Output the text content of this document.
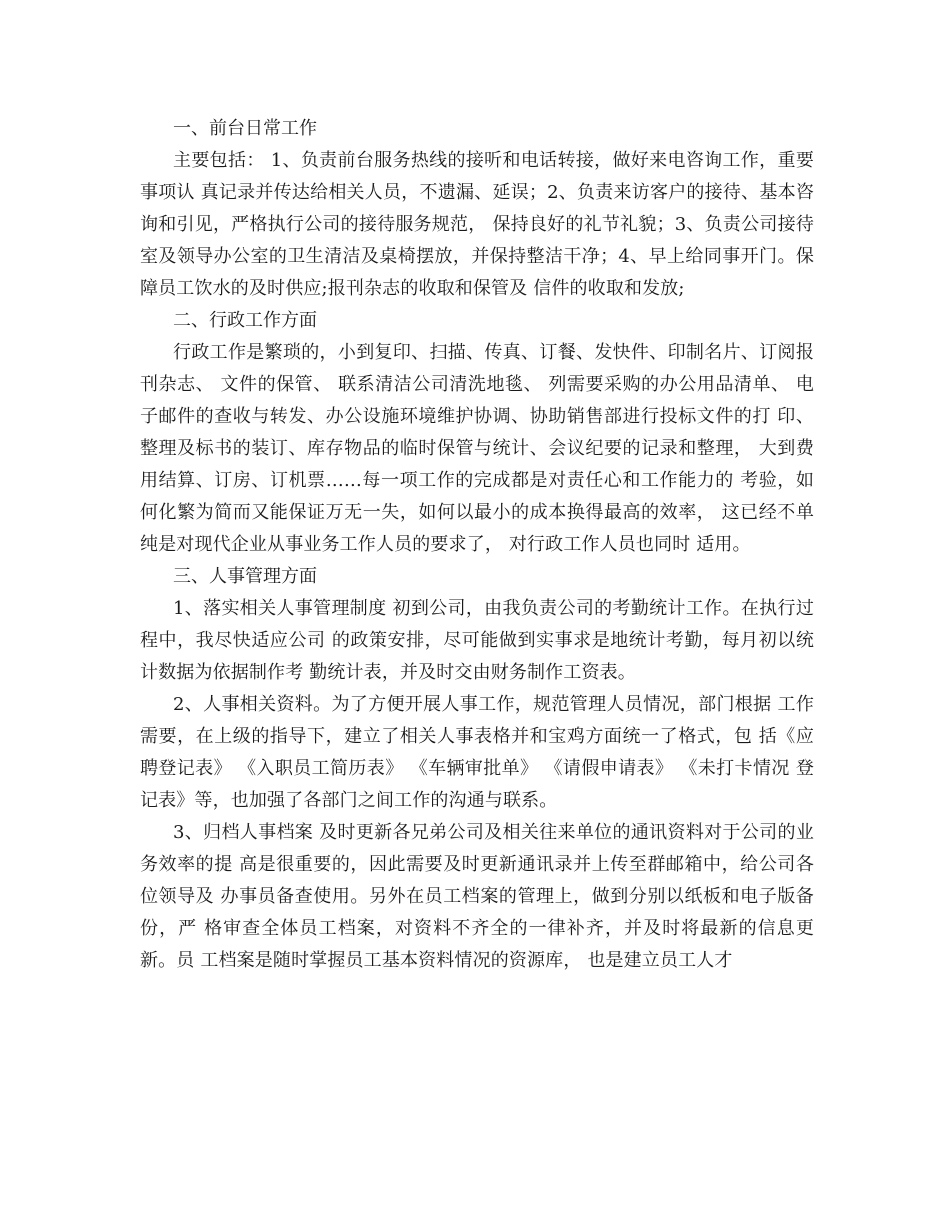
一、前台日常工作

主要包括： 1、负责前台服务热线的接听和电话转接，做好来电咨询工作，重要事项认 真记录并传达给相关人员，不遗漏、延误；2、负责来访客户的接待、基本咨询和引见，严格执行公司的接待服务规范， 保持良好的礼节礼貌；3、负责公司接待室及领导办公室的卫生清洁及桌椅摆放，并保持整洁干净；4、早上给同事开门。保障员工饮水的及时供应;报刊杂志的收取和保管及 信件的收取和发放;

二、行政工作方面

行政工作是繁琐的，小到复印、扫描、传真、订餐、发快件、印制名片、订阅报刊杂志、 文件的保管、 联系清洁公司清洗地毯、 列需要采购的办公用品清单、 电子邮件的查收与转发、办公设施环境维护协调、协助销售部进行投标文件的打 印、整理及标书的装订、库存物品的临时保管与统计、会议纪要的记录和整理， 大到费用结算、订房、订机票……每一项工作的完成都是对责任心和工作能力的 考验，如何化繁为简而又能保证万无一失，如何以最小的成本换得最高的效率， 这已经不单纯是对现代企业从事业务工作人员的要求了， 对行政工作人员也同时 适用。

三、人事管理方面

1、落实相关人事管理制度 初到公司，由我负责公司的考勤统计工作。在执行过程中，我尽快适应公司 的政策安排，尽可能做到实事求是地统计考勤，每月初以统计数据为依据制作考 勤统计表，并及时交由财务制作工资表。

2、人事相关资料。为了方便开展人事工作，规范管理人员情况，部门根据 工作需要，在上级的指导下，建立了相关人事表格并和宝鸡方面统一了格式，包 括《应聘登记表》 《入职员工简历表》 《车辆审批单》 《请假申请表》 《未打卡情况 登记表》等，也加强了各部门之间工作的沟通与联系。

3、归档人事档案 及时更新各兄弟公司及相关往来单位的通讯资料对于公司的业务效率的提 高是很重要的，因此需要及时更新通讯录并上传至群邮箱中，给公司各位领导及 办事员备查使用。另外在员工档案的管理上，做到分别以纸板和电子版备份，严 格审查全体员工档案，对资料不齐全的一律补齐，并及时将最新的信息更新。员 工档案是随时掌握员工基本资料情况的资源库， 也是建立员工人才
